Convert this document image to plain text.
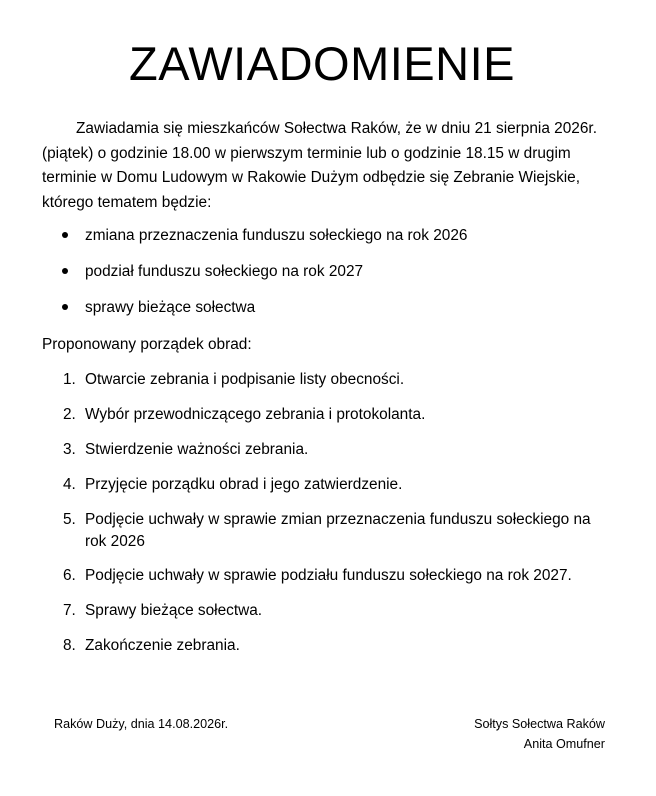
ZAWIADOMIENIE

Zawiadamia się mieszkańców Sołectwa Raków, że w dniu 21 sierpnia 2026r. (piątek) o godzinie 18.00 w pierwszym terminie lub o godzinie 18.15 w drugim terminie w Domu Ludowym w Rakowie Dużym odbędzie się Zebranie Wiejskie, którego tematem będzie:

zmiana przeznaczenia funduszu sołeckiego na rok 2026
podział funduszu sołeckiego na rok 2027
sprawy bieżące sołectwa

Proponowany porządek obrad:

1. Otwarcie zebrania i podpisanie listy obecności.
2. Wybór przewodniczącego zebrania i protokolanta.
3. Stwierdzenie ważności zebrania.
4. Przyjęcie porządku obrad i jego zatwierdzenie.
5. Podjęcie uchwały w sprawie zmian przeznaczenia funduszu sołeckiego na rok 2026
6. Podjęcie uchwały w sprawie podziału funduszu sołeckiego na rok 2027.
7. Sprawy bieżące sołectwa.
8. Zakończenie zebrania.

Raków Duży, dnia 14.08.2026r.	Sołtys Sołectwa Raków
Anita Omufner
